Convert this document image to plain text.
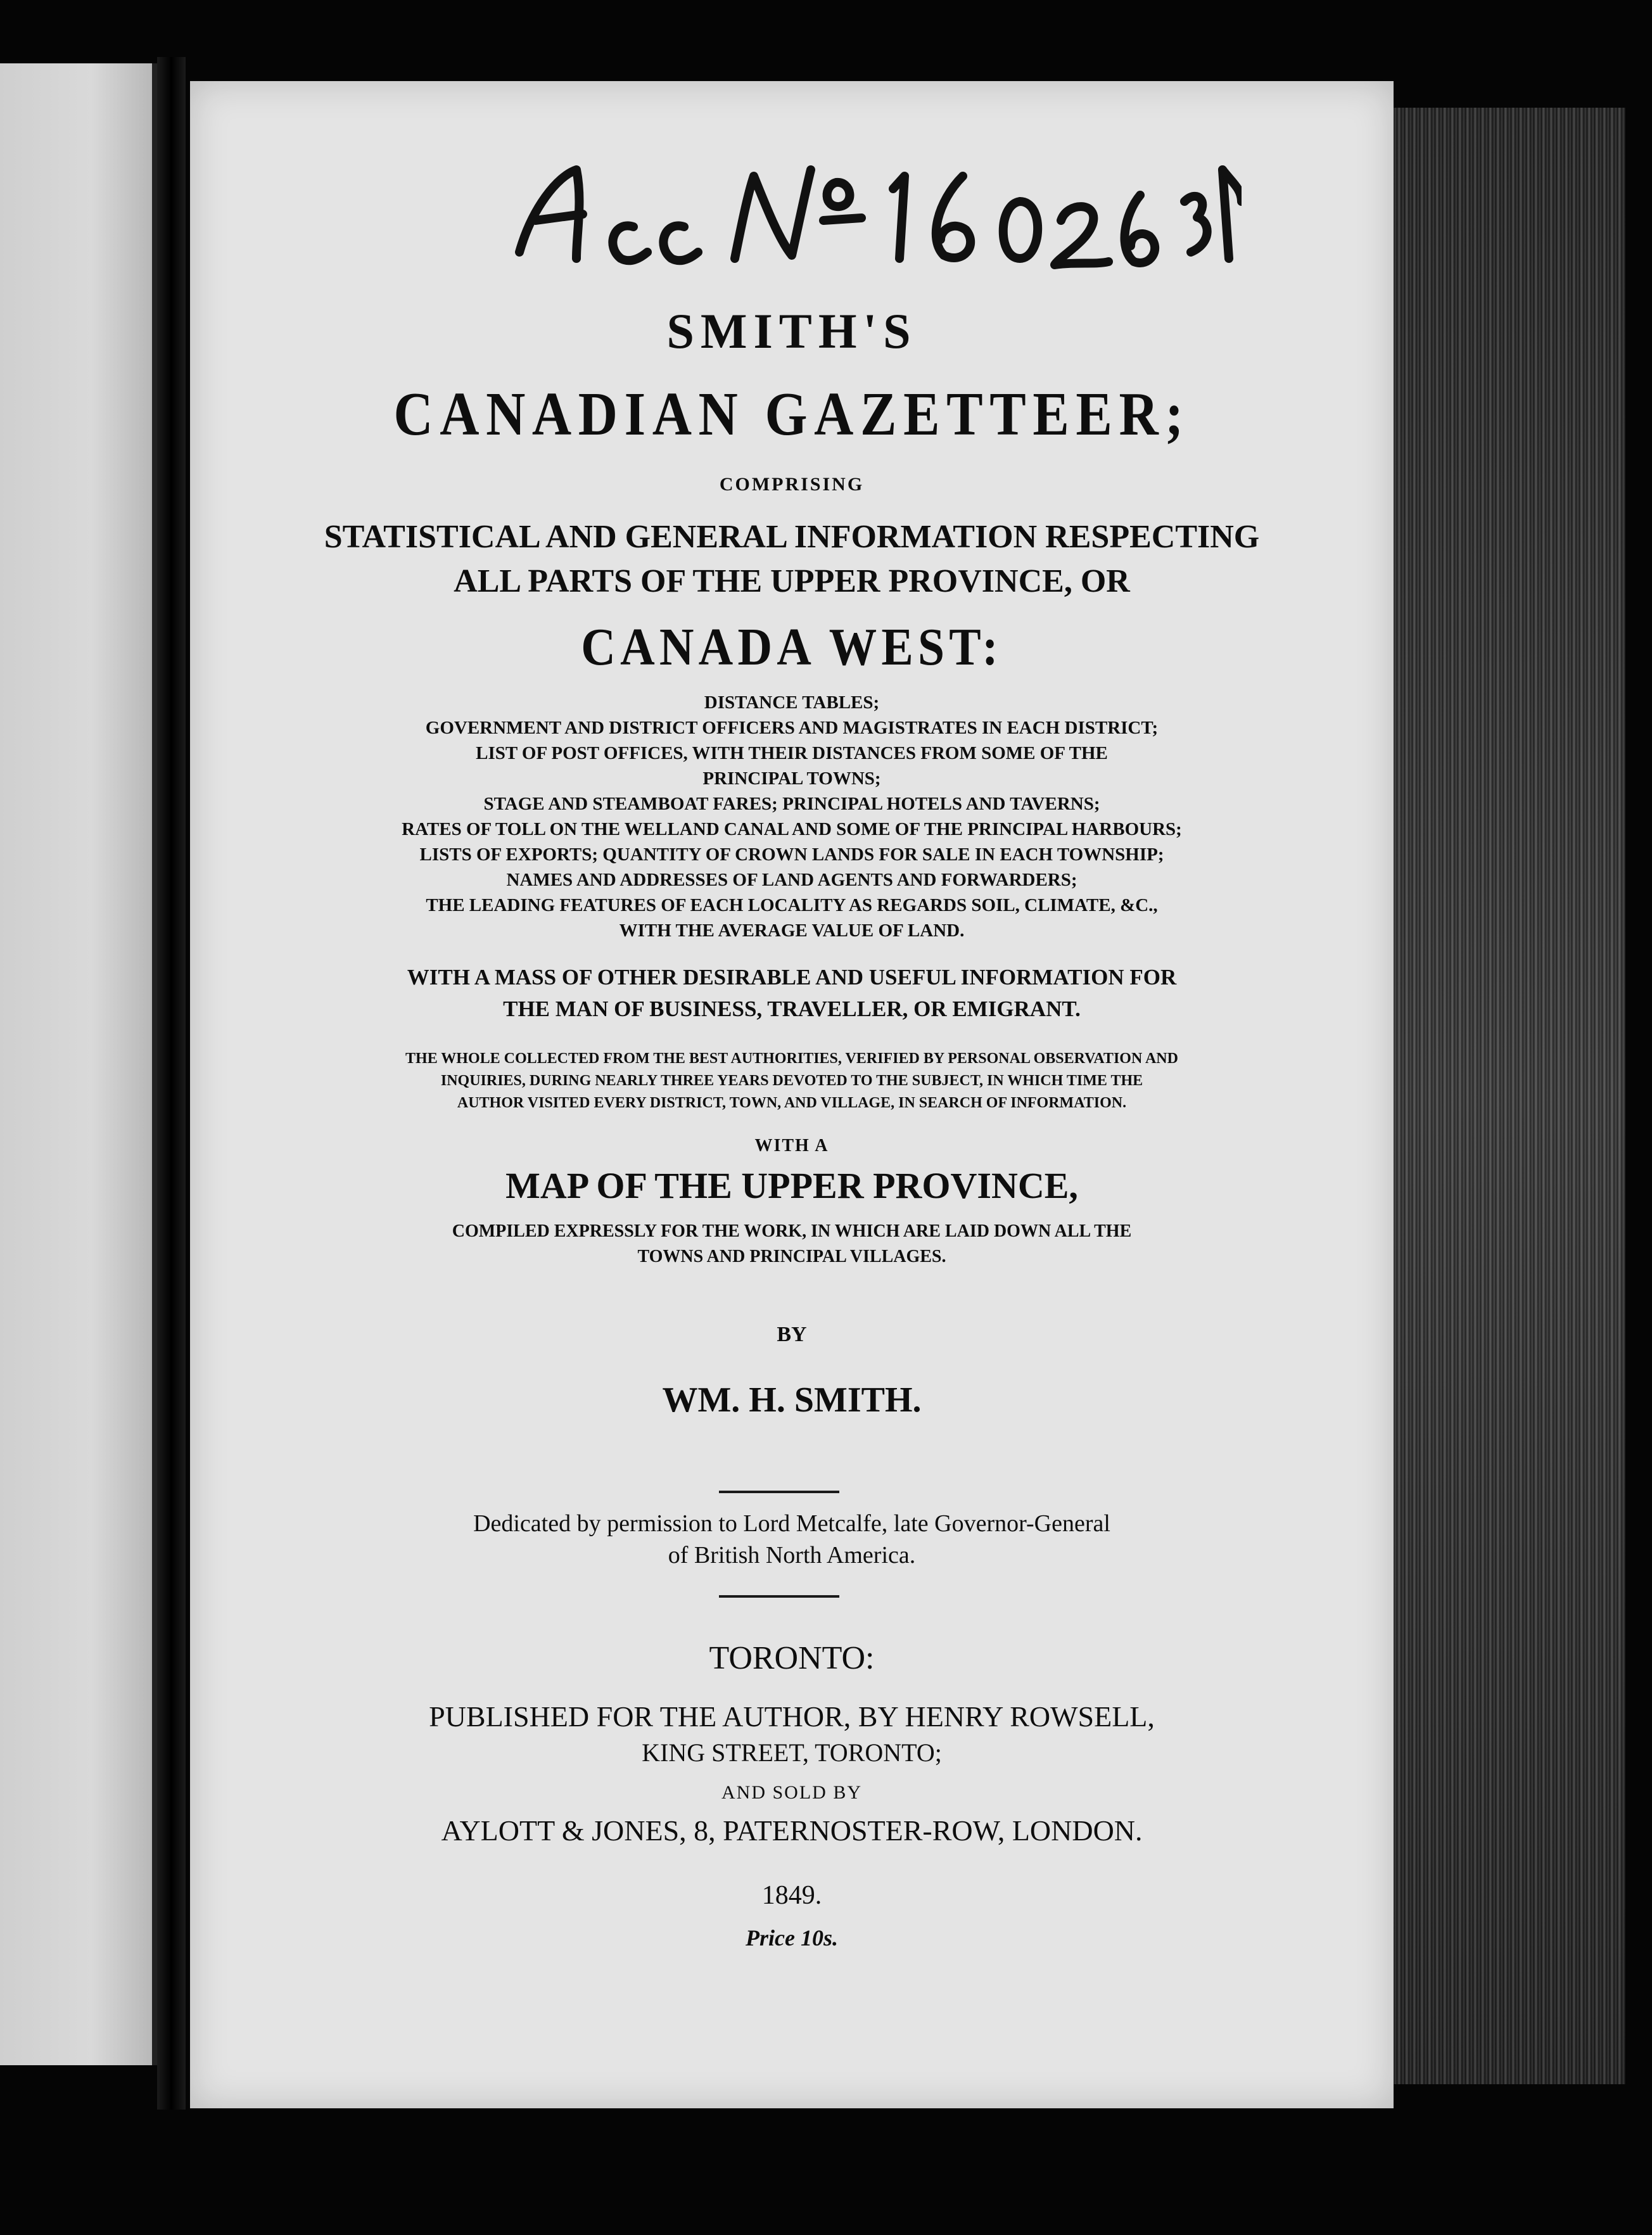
SMITH'S
CANADIAN GAZETTEER;
COMPRISING
STATISTICAL AND GENERAL INFORMATION RESPECTING
ALL PARTS OF THE UPPER PROVINCE, OR
CANADA WEST:
DISTANCE TABLES;
GOVERNMENT AND DISTRICT OFFICERS AND MAGISTRATES IN EACH DISTRICT;
LIST OF POST OFFICES, WITH THEIR DISTANCES FROM SOME OF THE
PRINCIPAL TOWNS;
STAGE AND STEAMBOAT FARES; PRINCIPAL HOTELS AND TAVERNS;
RATES OF TOLL ON THE WELLAND CANAL AND SOME OF THE PRINCIPAL HARBOURS;
LISTS OF EXPORTS; QUANTITY OF CROWN LANDS FOR SALE IN EACH TOWNSHIP;
NAMES AND ADDRESSES OF LAND AGENTS AND FORWARDERS;
THE LEADING FEATURES OF EACH LOCALITY AS REGARDS SOIL, CLIMATE, &C.,
WITH THE AVERAGE VALUE OF LAND.
WITH A MASS OF OTHER DESIRABLE AND USEFUL INFORMATION FOR
THE MAN OF BUSINESS, TRAVELLER, OR EMIGRANT.
THE WHOLE COLLECTED FROM THE BEST AUTHORITIES, VERIFIED BY PERSONAL OBSERVATION AND
INQUIRIES, DURING NEARLY THREE YEARS DEVOTED TO THE SUBJECT, IN WHICH TIME THE
AUTHOR VISITED EVERY DISTRICT, TOWN, AND VILLAGE, IN SEARCH OF INFORMATION.
WITH A
MAP OF THE UPPER PROVINCE,
COMPILED EXPRESSLY FOR THE WORK, IN WHICH ARE LAID DOWN ALL THE
TOWNS AND PRINCIPAL VILLAGES.
BY
WM. H. SMITH.
Dedicated by permission to Lord Metcalfe, late Governor-General
of British North America.
TORONTO:
PUBLISHED FOR THE AUTHOR, BY HENRY ROWSELL,
KING STREET, TORONTO;
AND SOLD BY
AYLOTT & JONES, 8, PATERNOSTER-ROW, LONDON.
1849.
Price 10s.
